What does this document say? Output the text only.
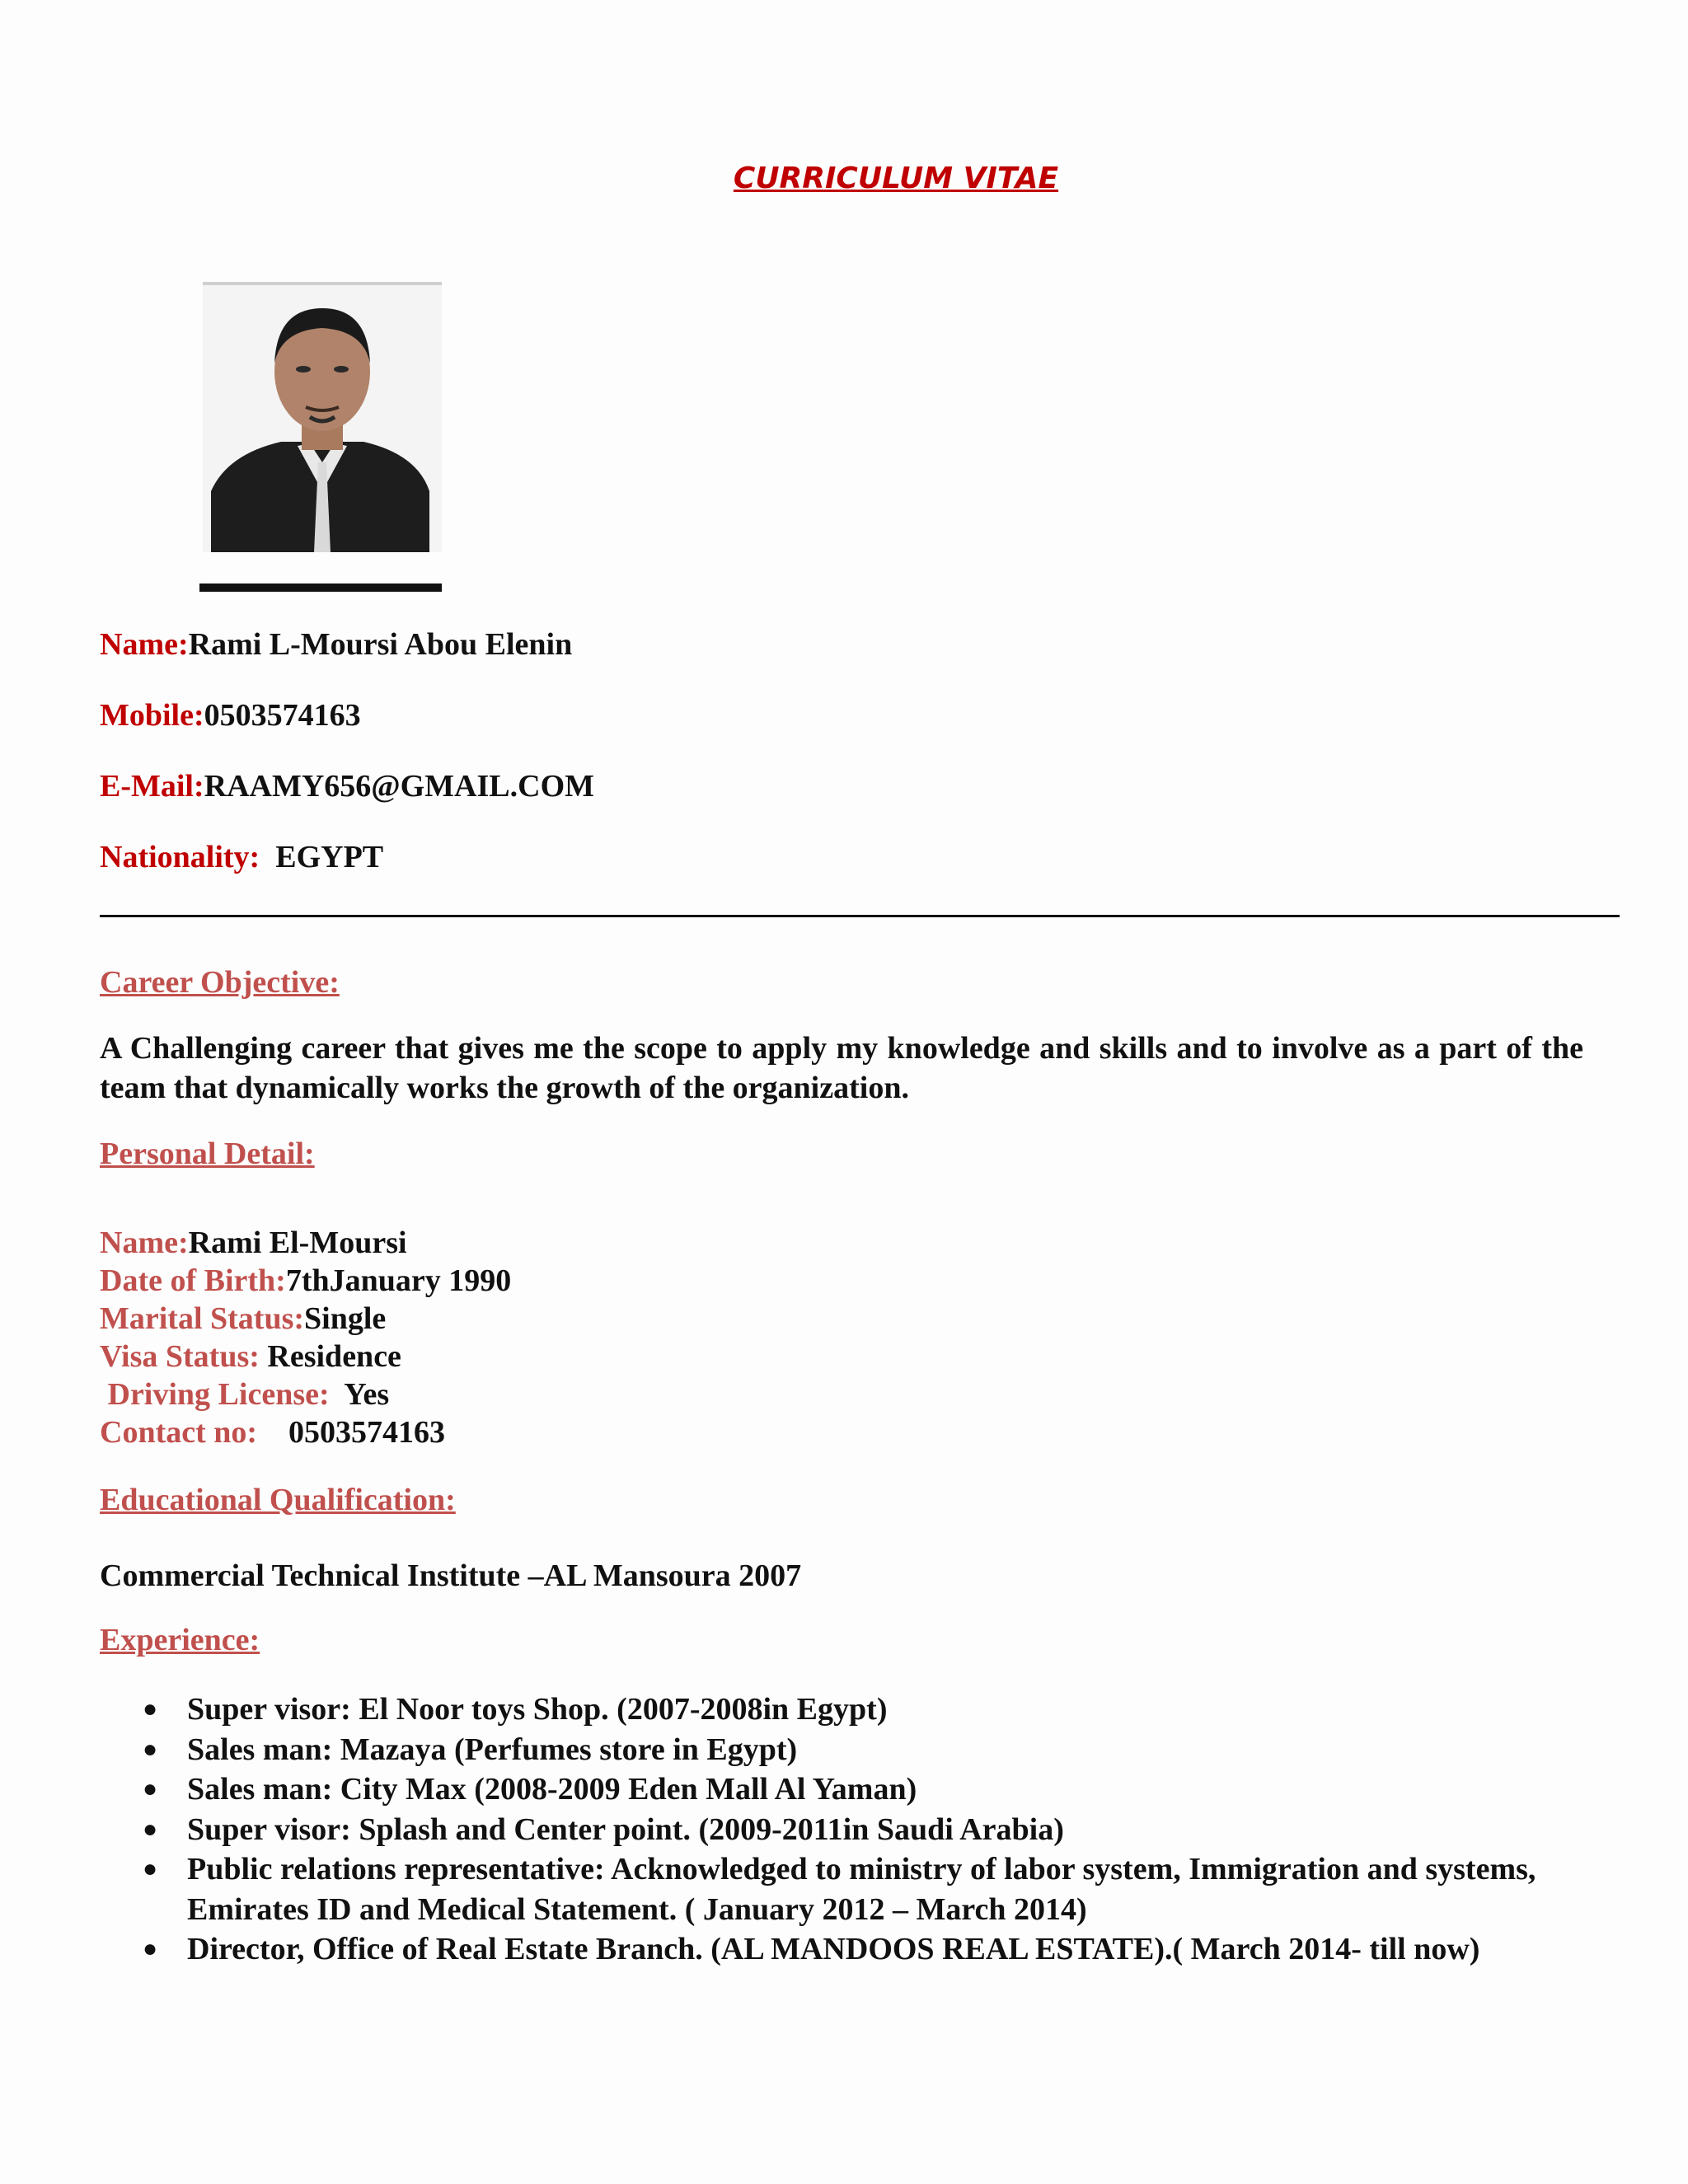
CURRICULUM VITAE
Name:Rami L-Moursi Abou Elenin
Mobile:0503574163
E-Mail:RAAMY656@GMAIL.COM
Nationality: EGYPT
Career Objective:
A Challenging career that gives me the scope to apply my knowledge and skills and to involve as a part of the team that dynamically works the growth of the organization.
Personal Detail:
Name:Rami El-Moursi
Date of Birth:7thJanuary 1990
Marital Status:Single
Visa Status: Residence
Driving License: Yes
Contact no: 0503574163
Educational Qualification:
Commercial Technical Institute –AL Mansoura 2007
Experience:
● Super visor: El Noor toys Shop. (2007-2008in Egypt)
● Sales man: Mazaya (Perfumes store in Egypt)
● Sales man: City Max (2008-2009 Eden Mall Al Yaman)
● Super visor: Splash and Center point. (2009-2011in Saudi Arabia)
● Public relations representative: Acknowledged to ministry of labor system, Immigration and systems, Emirates ID and Medical Statement. ( January 2012 – March 2014)
● Director, Office of Real Estate Branch. (AL MANDOOS REAL ESTATE).( March 2014- till now)
